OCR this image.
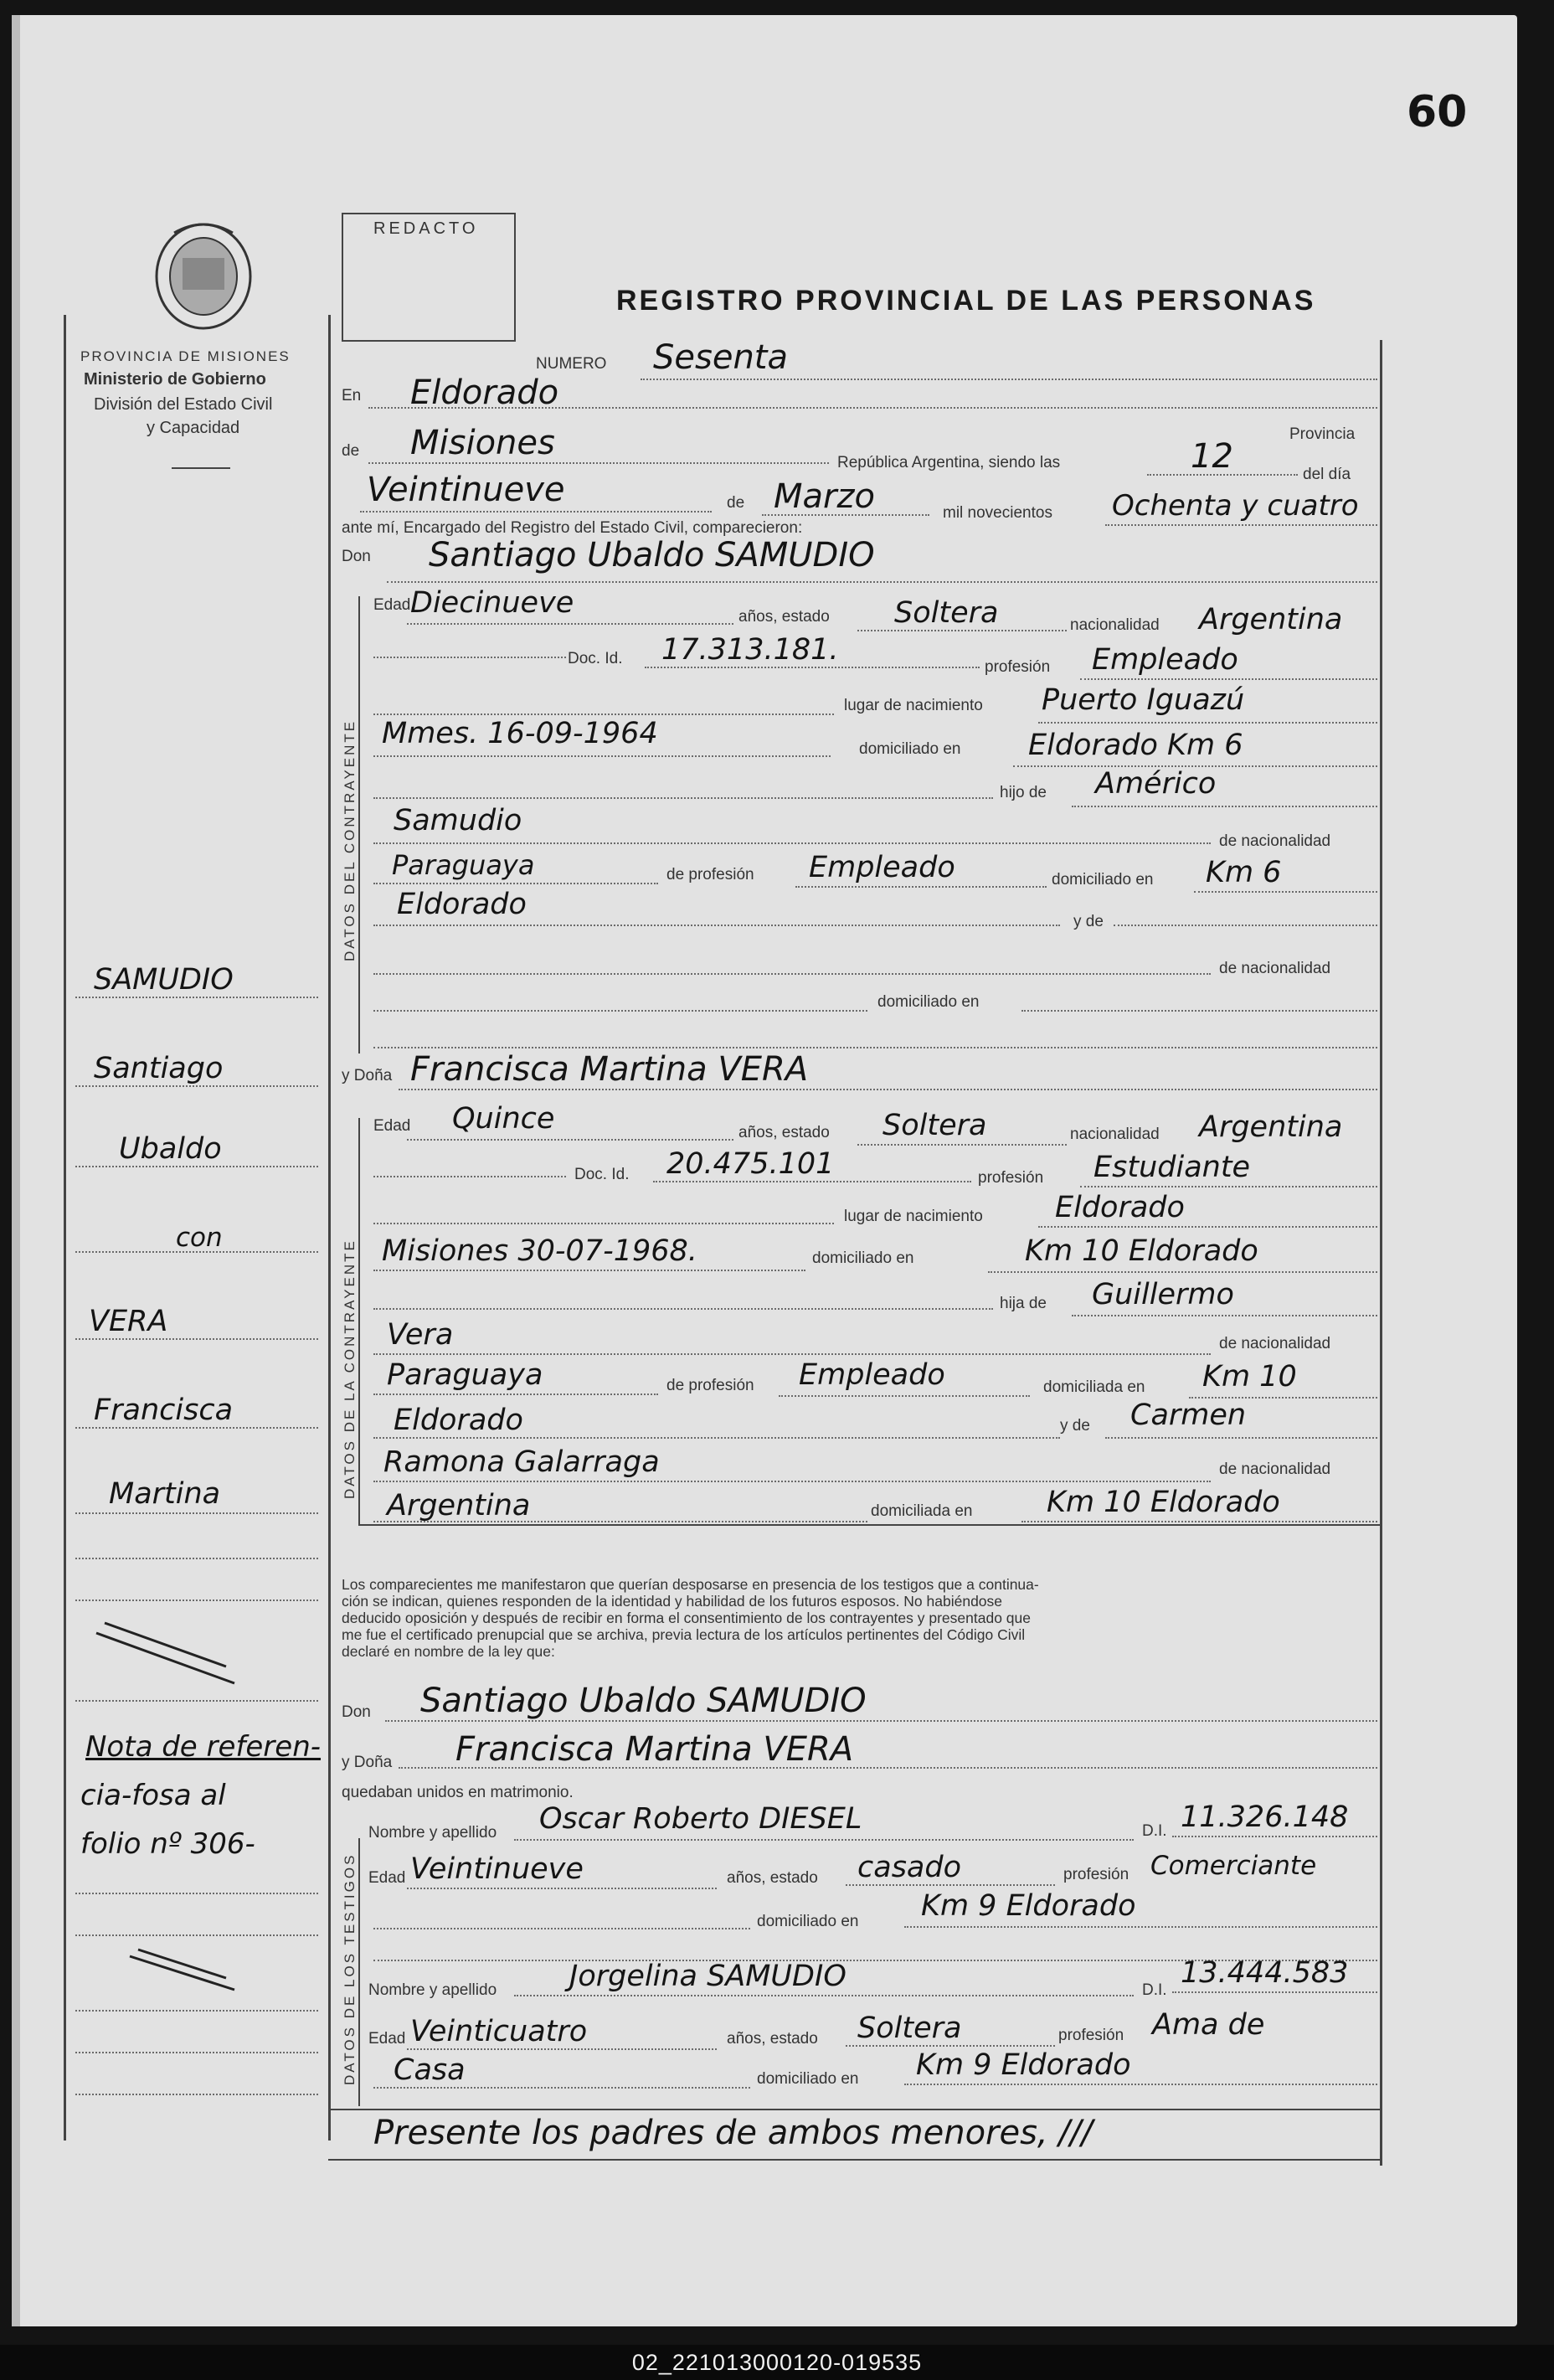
60
PROVINCIA DE MISIONES
Ministerio de Gobierno
División del Estado Civil
y Capacidad
REDACTO
REGISTRO PROVINCIAL DE LAS PERSONAS
DATOS DEL CONTRAYENTE
DATOS DE LA CONTRAYENTE
DATOS DE LOS TESTIGOS
SAMUDIO
Santiago
Ubaldo
con
VERA
Francisca
Martina
Nota de referen-
cia-fosa al
folio nº 306-
NUMERO Sesenta
En Eldorado
Provincia
de Misiones
República Argentina, siendo las	12	del día
Veintinueve	de Marzo	mil novecientos Ochenta y cuatro
ante mí, Encargado del Registro del Estado Civil, comparecieron:
Don Santiago Ubaldo SAMUDIO
Edad Diecinueve	años, estado Soltera	nacionalidad Argentina
Doc. Id. 17.313.181.
profesión Empleado
lugar de nacimiento Puerto Iguazú
Mmes. 16-09-1964	domiciliado en Eldorado Km 6
hijo de Américo
Samudio
de nacionalidad
Paraguaya	de profesión Empleado	domiciliado en Km 6
Eldorado
y de
de nacionalidad
domiciliado en
y Doña Francisca Martina VERA
Edad Quince	años, estado Soltera	nacionalidad Argentina
Doc. Id. 20.475.101	profesión Estudiante
lugar de nacimiento Eldorado
Misiones 30-07-1968.	domiciliado en	Km 10 Eldorado
hija de Guillermo
Vera	de nacionalidad
Paraguaya	de profesión Empleado	domiciliada en Km 10
Eldorado	y de Carmen
Ramona Galarraga	de nacionalidad
Argentina	domiciliada en	Km 10 Eldorado
Los comparecientes me manifestaron que querían desposarse en presencia de los testigos que a continua-
ción se indican, quienes responden de la identidad y habilidad de los futuros esposos. No habiéndose
deducido oposición y después de recibir en forma el consentimiento de los contrayentes y presentado que
me fue el certificado prenupcial que se archiva, previa lectura de los artículos pertinentes del Código Civil
declaré en nombre de la ley que:
Don Santiago Ubaldo SAMUDIO
y Doña Francisca Martina VERA
quedaban unidos en matrimonio.
Nombre y apellido Oscar Roberto DIESEL	D.I. 11.326.148
Edad Veintinueve	años, estado casado	profesión Comerciante
domiciliado en Km 9 Eldorado
Nombre y apellido Jorgelina SAMUDIO	D.I.
13.444.583
Edad Veinticuatro	años, estado Soltera	profesión Ama de
Casa	domiciliado en Km 9 Eldorado
Presente los padres de ambos menores, ///
02_221013000120-019535
